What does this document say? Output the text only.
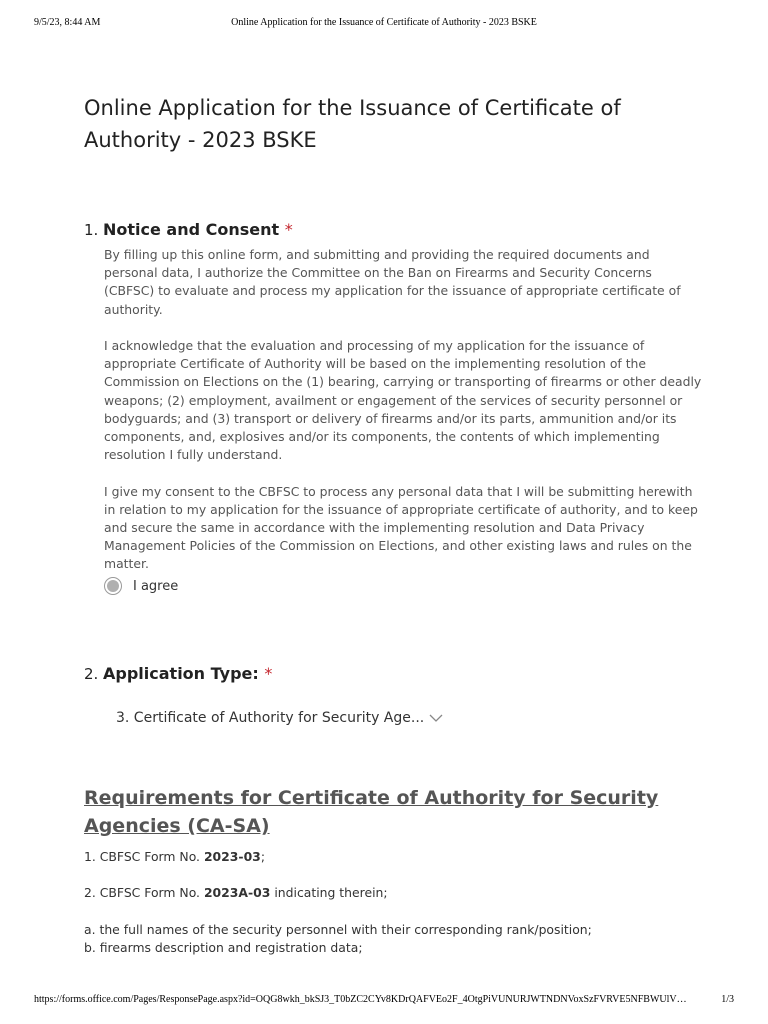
9/5/23, 8:44 AM	Online Application for the Issuance of Certificate of Authority - 2023 BSKE
Online Application for the Issuance of Certificate of Authority - 2023 BSKE
1. Notice and Consent *

By filling up this online form, and submitting and providing the required documents and personal data, I authorize the Committee on the Ban on Firearms and Security Concerns (CBFSC) to evaluate and process my application for the issuance of appropriate certificate of authority.

I acknowledge that the evaluation and processing of my application for the issuance of appropriate Certificate of Authority will be based on the implementing resolution of the Commission on Elections on the (1) bearing, carrying or transporting of firearms or other deadly weapons; (2) employment, availment or engagement of the services of security personnel or bodyguards; and (3) transport or delivery of firearms and/or its parts, ammunition and/or its components, and, explosives and/or its components, the contents of which implementing resolution I fully understand.

I give my consent to the CBFSC to process any personal data that I will be submitting herewith in relation to my application for the issuance of appropriate certificate of authority, and to keep and secure the same in accordance with the implementing resolution and Data Privacy Management Policies of the Commission on Elections, and other existing laws and rules on the matter.

I agree
2. Application Type: *
3. Certificate of Authority for Security Age...
Requirements for Certificate of Authority for Security Agencies (CA-SA)
1. CBFSC Form No. 2023-03;
2. CBFSC Form No. 2023A-03 indicating therein;
a. the full names of the security personnel with their corresponding rank/position;
b. firearms description and registration data;
https://forms.office.com/Pages/ResponsePage.aspx?id=OQG8wkh_bkSJ3_T0bZC2CYv8KDrQAFVEo2F_4OtgPiVUNURJWTNDNVoxSzFVRVE5NFBWUlV…	1/3
